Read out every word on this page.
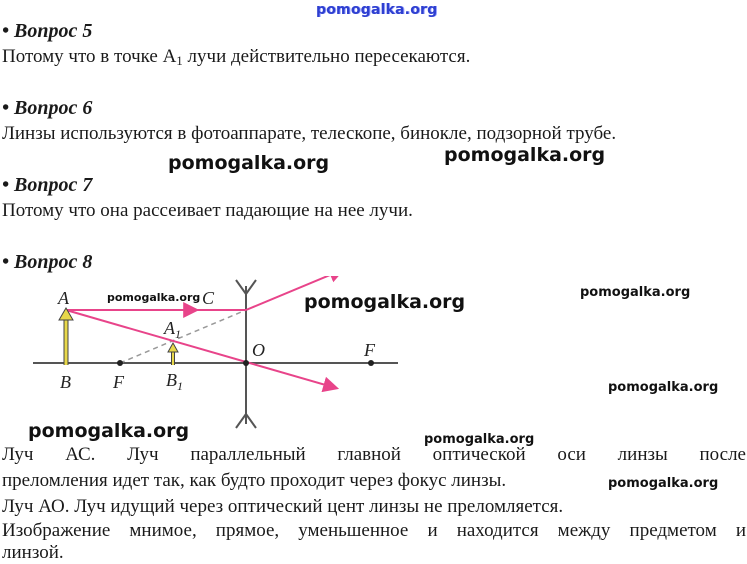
pomogalka.org
• Вопрос 5
Потому что в точке $A_1$ лучи действительно пересекаются.
• Вопрос 6
Линзы используются в фотоаппарате, телескопе, бинокле, подзорной трубе.
pomogalka.org	pomogalka.org
• Вопрос 7
Потому что она рассеивает падающие на нее лучи.
• Вопрос 8
A	C
$A_1$
O	F
B F $B_1$
pomogalka.org	pomogalka.org	pomogalka.org
pomogalka.org
pomogalka.org	pomogalka.org
Луч АС. Луч параллельный главной оптической оси линзы после
преломления идет так, как будто проходит через фокус линзы.	pomogalka.org
Луч АО. Луч идущий через оптический цент линзы не преломляется.
Изображение мнимое, прямое, уменьшенное и находится между предметом и
линзой.
